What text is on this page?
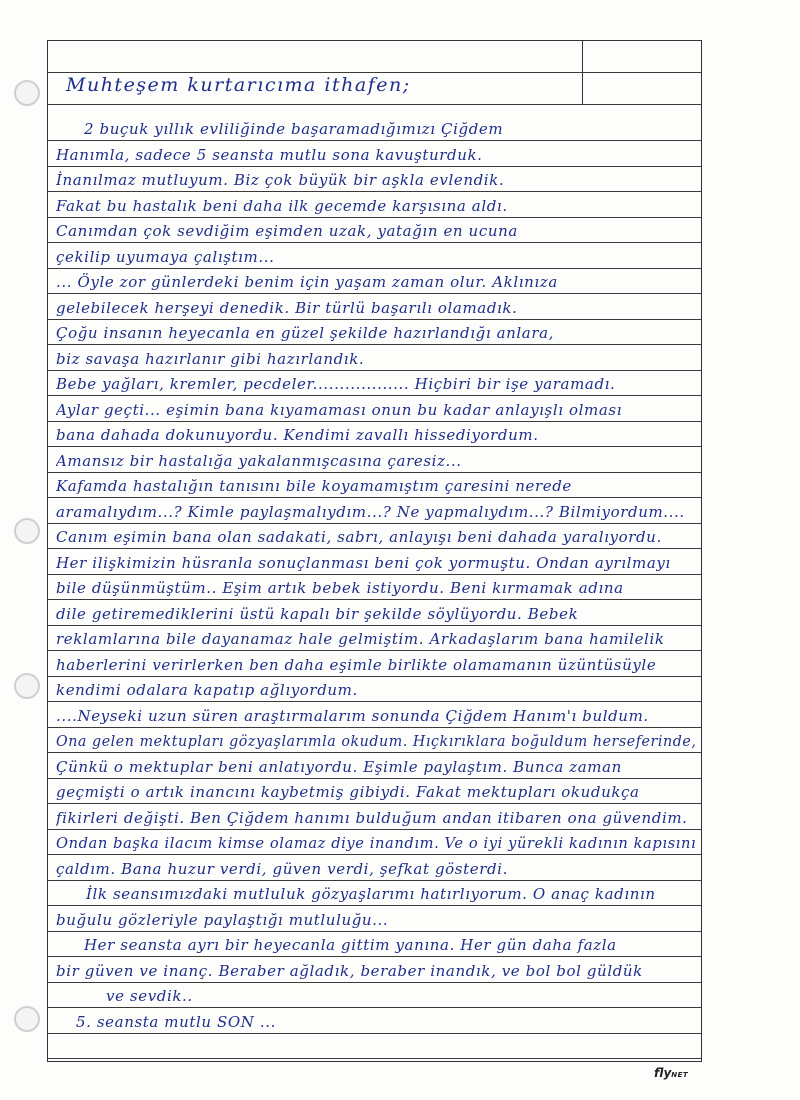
Muhteşem kurtarıcıma ithafen;
2 buçuk yıllık evliliğinde başaramadığımızı Çiğdem
Hanımla, sadece 5 seansta mutlu sona kavuşturduk.
İnanılmaz mutluyum. Biz çok büyük bir aşkla evlendik.
Fakat bu hastalık beni daha ilk gecemde karşısına aldı.
Canımdan çok sevdiğim eşimden uzak, yatağın en ucuna
çekilip uyumaya çalıştım...
... Öyle zor günlerdeki benim için yaşam zaman olur. Aklınıza
gelebilecek herşeyi denedik. Bir türlü başarılı olamadık.
Çoğu insanın heyecanla en güzel şekilde hazırlandığı anlara,
biz savaşa hazırlanır gibi hazırlandık.
Bebe yağları, kremler, pecdeler.................. Hiçbiri bir işe yaramadı.
Aylar geçti... eşimin bana kıyamaması onun bu kadar anlayışlı olması
bana dahada dokunuyordu. Kendimi zavallı hissediyordum.
Amansız bir hastalığa yakalanmışcasına çaresiz...
Kafamda hastalığın tanısını bile koyamamıştım çaresini nerede
aramalıydım...? Kimle paylaşmalıydım...? Ne yapmalıydım...? Bilmiyordum....
Canım eşimin bana olan sadakati, sabrı, anlayışı beni dahada yaralıyordu.
Her ilişkimizin hüsranla sonuçlanması beni çok yormuştu. Ondan ayrılmayı
bile düşünmüştüm.. Eşim artık bebek istiyordu. Beni kırmamak adına
dile getiremediklerini üstü kapalı bir şekilde söylüyordu. Bebek
reklamlarına bile dayanamaz hale gelmiştim. Arkadaşlarım bana hamilelik
haberlerini verirlerken ben daha eşimle birlikte olamamanın üzüntüsüyle
kendimi odalara kapatıp ağlıyordum.
....Neyseki uzun süren araştırmalarım sonunda Çiğdem Hanım'ı buldum.
Ona gelen mektupları gözyaşlarımla okudum. Hıçkırıklara boğuldum herseferinde,
Çünkü o mektuplar beni anlatıyordu. Eşimle paylaştım. Bunca zaman
geçmişti o artık inancını kaybetmiş gibiydi. Fakat mektupları okudukça
fikirleri değişti. Ben Çiğdem hanımı bulduğum andan itibaren ona güvendim.
Ondan başka ilacım kimse olamaz diye inandım. Ve o iyi yürekli kadının kapısını
çaldım. Bana huzur verdi, güven verdi, şefkat gösterdi.
İlk seansımızdaki mutluluk gözyaşlarımı hatırlıyorum. O anaç kadının
buğulu gözleriyle paylaştığı mutluluğu...
Her seansta ayrı bir heyecanla gittim yanına. Her gün daha fazla
bir güven ve inanç. Beraber ağladık, beraber inandık, ve bol bol güldük
ve sevdik..
5. seansta mutlu SON ...
flyNET
